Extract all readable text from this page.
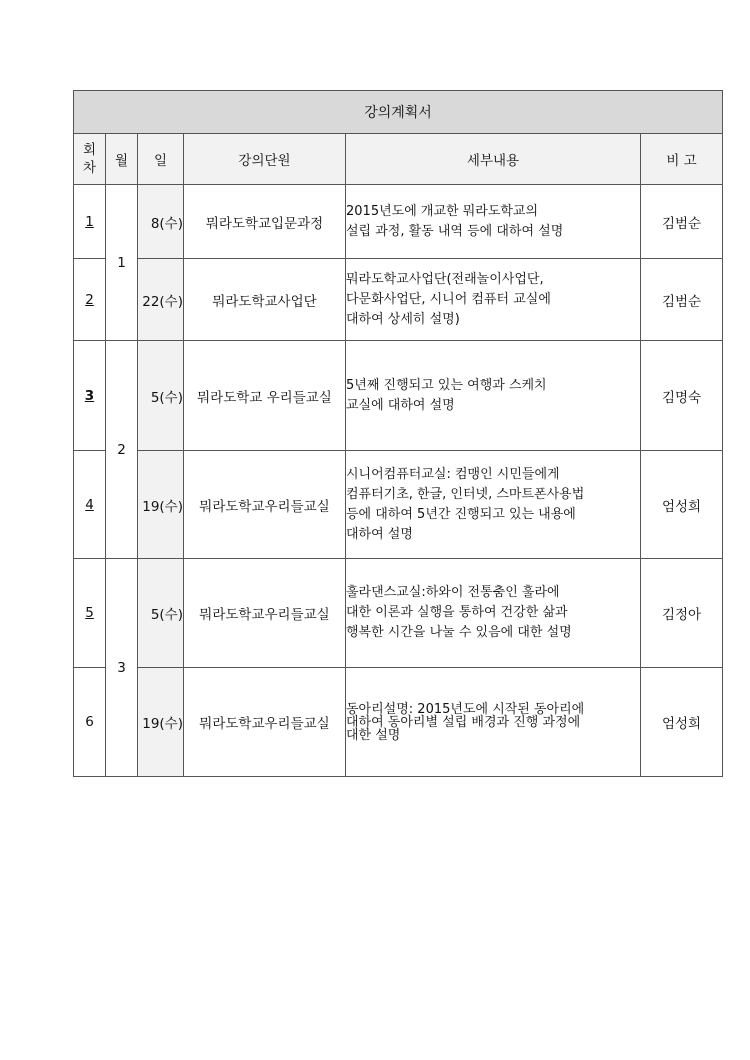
강의계획서					
회
차	월	일	강의단원	세부내용	비 고
1	1	8(수)	뭐라도학교입문과정	2015년도에 개교한 뭐라도학교의
설립 과정, 활동 내역 등에 대하여 설명	김범순
2		22(수)	뭐라도학교사업단	뭐라도학교사업단(전래놀이사업단,
다문화사업단, 시니어 컴퓨터 교실에
대하여 상세히 설명)	김범순
3	2	5(수)	뭐라도학교 우리들교실	5년째 진행되고 있는 여행과 스케치
교실에 대하여 설명	김명숙
4		19(수)	뭐라도학교우리들교실	시니어컴퓨터교실: 컴맹인 시민들에게
컴퓨터기초, 한글, 인터넷, 스마트폰사용법
등에 대하여 5년간 진행되고 있는 내용에
대하여 설명	엄성희
5	3	5(수)	뭐라도학교우리들교실	훌라댄스교실:하와이 전통춤인 훌라에
대한 이론과 실행을 통하여 건강한 삶과
행복한 시간을 나눌 수 있음에 대한 설명	김정아
6		19(수)	뭐라도학교우리들교실	동아리설명: 2015년도에 시작된 동아리에
대하여 동아리별 설립 배경과 진행 과정에
대한 설명	엄성희
